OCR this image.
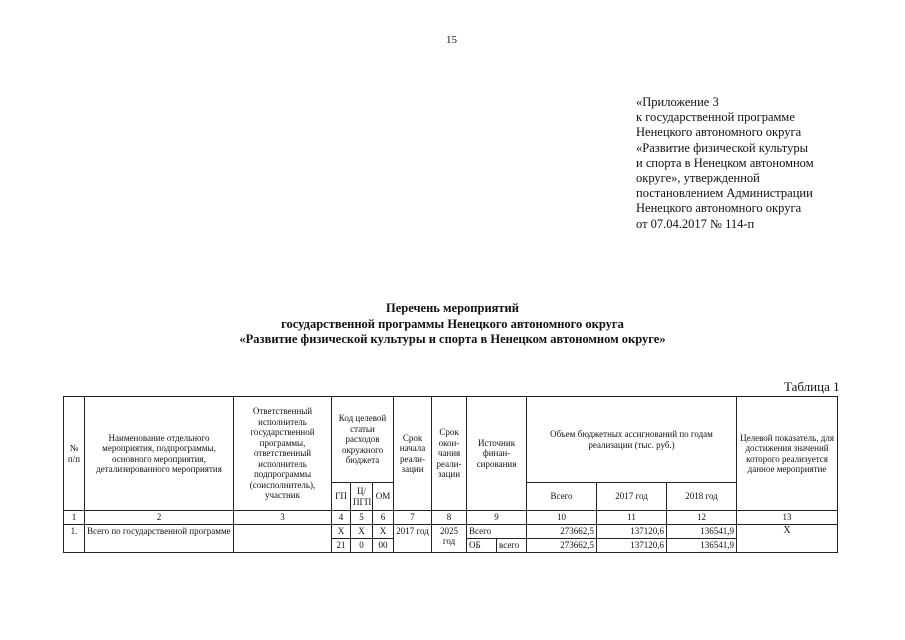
15
«Приложение 3
к государственной программе
Ненецкого автономного округа
«Развитие физической культуры
и спорта в Ненецком автономном
округе», утвержденной
постановлением Администрации
Ненецкого автономного округа
от 07.04.2017 № 114-п
Перечень мероприятий
государственной программы Ненецкого автономного округа
«Развитие физической культуры и спорта в Ненецком автономном округе»
Таблица 1
№ п/п	Наименование отдельного мероприятия, подпрограммы, основного мероприятия, детализированного мероприятия	Ответственный исполнитель государственной программы, ответственный исполнитель подпрограммы (соисполнитель), участник	Код целевой статьи расходов окружного бюджета			Срок начала реали- зации	Срок окон- чания реали- зации	Источник финан- сирования		Объем бюджетных ассигнований по годам реализации (тыс. руб.)			Целевой показатель, для достижения значений которого реализуется данное мероприятие
			ГП	Ц/ ПГП	ОМ					Всего	2017 год	2018 год	
1	2	3	4	5	6	7	8	9		10	11	12	13
1.	Всего по государственной программе		Х	Х	Х	2017 год	2025 год	Всего		273662,5	137120,6	136541,9	Х
			21	0	00			ОБ	всего	273662,5	137120,6	136541,9	
